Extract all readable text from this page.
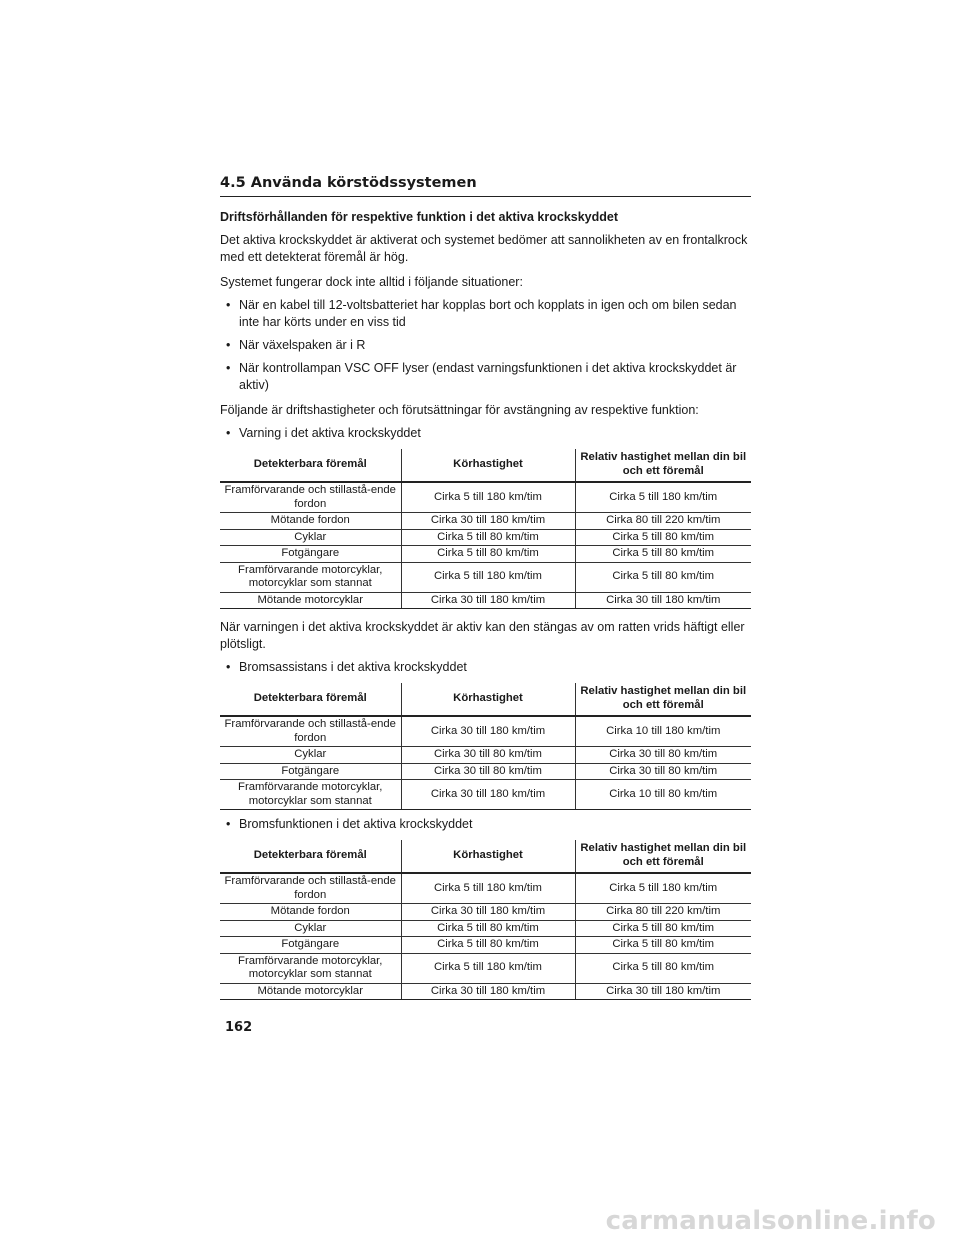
4.5 Använda körstödssystemen
Driftsförhållanden för respektive funktion i det aktiva krockskyddet

Det aktiva krockskyddet är aktiverat och systemet bedömer att sannolikheten av en frontalkrock med ett detekterat föremål är hög.

Systemet fungerar dock inte alltid i följande situationer:

• När en kabel till 12-voltsbatteriet har kopplas bort och kopplats in igen och om bilen sedan inte har körts under en viss tid
• När växelspaken är i R
• När kontrollampan VSC OFF lyser (endast varningsfunktionen i det aktiva krockskyddet är aktiv)

Följande är driftshastigheter och förutsättningar för avstängning av respektive funktion:

• Varning i det aktiva krockskyddet
Detekterbara föremål	Körhastighet	Relativ hastighet mellan din bil och ett föremål
Framförvarande och stillastå-ende fordon	Cirka 5 till 180 km/tim	Cirka 5 till 180 km/tim
Mötande fordon	Cirka 30 till 180 km/tim	Cirka 80 till 220 km/tim
Cyklar	Cirka 5 till 80 km/tim	Cirka 5 till 80 km/tim
Fotgängare	Cirka 5 till 80 km/tim	Cirka 5 till 80 km/tim
Framförvarande motorcyklar, motorcyklar som stannat	Cirka 5 till 180 km/tim	Cirka 5 till 80 km/tim
Mötande motorcyklar	Cirka 30 till 180 km/tim	Cirka 30 till 180 km/tim

När varningen i det aktiva krockskyddet är aktiv kan den stängas av om ratten vrids häftigt eller plötsligt.

• Bromsassistans i det aktiva krockskyddet
Detekterbara föremål	Körhastighet	Relativ hastighet mellan din bil och ett föremål
Framförvarande och stillastå-ende fordon	Cirka 30 till 180 km/tim	Cirka 10 till 180 km/tim
Cyklar	Cirka 30 till 80 km/tim	Cirka 30 till 80 km/tim
Fotgängare	Cirka 30 till 80 km/tim	Cirka 30 till 80 km/tim
Framförvarande motorcyklar, motorcyklar som stannat	Cirka 30 till 180 km/tim	Cirka 10 till 80 km/tim
• Bromsfunktionen i det aktiva krockskyddet
Detekterbara föremål	Körhastighet	Relativ hastighet mellan din bil och ett föremål
Framförvarande och stillastå-ende fordon	Cirka 5 till 180 km/tim	Cirka 5 till 180 km/tim
Mötande fordon	Cirka 30 till 180 km/tim	Cirka 80 till 220 km/tim
Cyklar	Cirka 5 till 80 km/tim	Cirka 5 till 80 km/tim
Fotgängare	Cirka 5 till 80 km/tim	Cirka 5 till 80 km/tim
Framförvarande motorcyklar, motorcyklar som stannat	Cirka 5 till 180 km/tim	Cirka 5 till 80 km/tim
Mötande motorcyklar	Cirka 30 till 180 km/tim	Cirka 30 till 180 km/tim
162
carmanualsonline.info
